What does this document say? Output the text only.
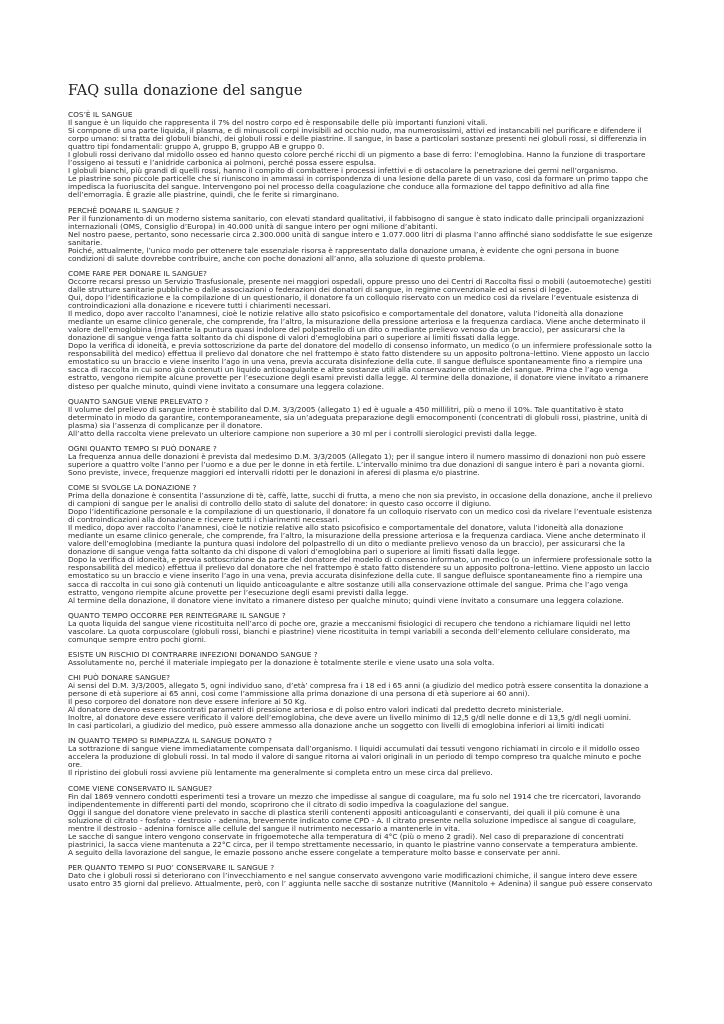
FAQ sulla donazione del sangue

COS’È IL SANGUE

Il sangue è un liquido che rappresenta il 7% del nostro corpo ed è responsabile delle più importanti funzioni vitali.

Si compone di una parte liquida, il plasma, e di minuscoli corpi invisibili ad occhio nudo, ma numerosissimi, attivi ed instancabili nel purificare e difendere il corpo umano: si tratta dei globuli bianchi, dei globuli rossi e delle piastrine. Il sangue, in base a particolari sostanze presenti nei globuli rossi, si differenzia in quattro tipi fondamentali: gruppo A, gruppo B, gruppo AB e gruppo 0.

I globuli rossi derivano dal midollo osseo ed hanno questo colore perché ricchi di un pigmento a base di ferro: l’emoglobina. Hanno la funzione di trasportare l’ossigeno ai tessuti e l’anidride carbonica ai polmoni, perché possa essere espulsa.

I globuli bianchi, più grandi di quelli rossi, hanno il compito di combattere i processi infettivi e di ostacolare la penetrazione dei germi nell’organismo.

Le piastrine sono piccole particelle che si riuniscono in ammassi in corrispondenza di una lesione della parete di un vaso, così da formare un primo tappo che impedisca la fuoriuscita del sangue. Intervengono poi nel processo della coagulazione che conduce alla formazione del tappo definitivo ad alla fine dell’emorragia. È grazie alle piastrine, quindi, che le ferite si rimarginano.

PERCHÈ DONARE IL SANGUE ?

Per il funzionamento di un moderno sistema sanitario, con elevati standard qualitativi, il fabbisogno di sangue è stato indicato dalle principali organizzazioni internazionali (OMS, Consiglio d’Europa) in 40.000 unità di sangue intero per ogni milione d’abitanti.

Nel nostro paese, pertanto, sono necessarie circa 2.300.000 unità di sangue intero e 1.077.000 litri di plasma l’anno affinché siano soddisfatte le sue esigenze sanitarie.

Poiché, attualmente, l’unico modo per ottenere tale essenziale risorsa è rappresentato dalla donazione umana, è evidente che ogni persona in buone condizioni di salute dovrebbe contribuire, anche con poche donazioni all’anno, alla soluzione di questo problema.

COME FARE PER DONARE IL SANGUE?

Occorre recarsi presso un Servizio Trasfusionale, presente nei maggiori ospedali, oppure presso uno dei Centri di Raccolta fissi o mobili (autoemoteche) gestiti dalle strutture sanitarie pubbliche o dalle associazioni o federazioni dei donatori di sangue, in regime convenzionale ed ai sensi di legge.

Qui, dopo l’identificazione e la compilazione di un questionario, il donatore fa un colloquio riservato con un medico così da rivelare l’eventuale esistenza di controindicazioni alla donazione e ricevere tutti i chiarimenti necessari.

Il medico, dopo aver raccolto l’anamnesi, cioè le notizie relative allo stato psicofisico e comportamentale del donatore, valuta l’idoneità alla donazione mediante un esame clinico generale, che comprende, fra l’altro, la misurazione della pressione arteriosa e la frequenza cardiaca. Viene anche determinato il valore dell’emoglobina (mediante la puntura quasi indolore del polpastrello di un dito o mediante prelievo venoso da un braccio), per assicurarsi che la donazione di sangue venga fatta soltanto da chi dispone di valori d’emoglobina pari o superiore ai limiti fissati dalla legge.

Dopo la verifica di idoneità, e previa sottoscrizione da parte del donatore del modello di consenso informato, un medico (o un infermiere professionale sotto la responsabilità del medico) effettua il prelievo dal donatore che nel frattempo è stato fatto distendere su un apposito poltrona–lettino. Viene apposto un laccio emostatico su un braccio e viene inserito l’ago in una vena, previa accurata disinfezione della cute. Il sangue defluisce spontaneamente fino a riempire una sacca di raccolta in cui sono già contenuti un liquido anticoagulante e altre sostanze utili alla conservazione ottimale del sangue. Prima che l’ago venga estratto, vengono riempite alcune provette per l’esecuzione degli esami previsti dalla legge. Al termine della donazione, il donatore viene invitato a rimanere disteso per qualche minuto, quindi viene invitato a consumare una leggera colazione.

QUANTO SANGUE VIENE PRELEVATO ?

Il volume del prelievo di sangue intero è stabilito dal D.M. 3/3/2005 (allegato 1) ed è uguale a 450 millilitri, più o meno il 10%. Tale quantitativo è stato determinato in modo da garantire, contemporaneamente, sia un’adeguata preparazione degli emocomponenti (concentrati di globuli rossi, piastrine, unità di plasma) sia l’assenza di complicanze per il donatore.

All’atto della raccolta viene prelevato un ulteriore campione non superiore a 30 ml per i controlli sierologici previsti dalla legge.

OGNI QUANTO TEMPO SI PUÒ DONARE ?

La frequenza annua delle donazioni è prevista dal medesimo D.M. 3/3/2005 (Allegato 1); per il sangue intero il numero massimo di donazioni non può essere superiore a quattro volte l’anno per l’uomo e a due per le donne in età fertile. L’intervallo minimo tra due donazioni di sangue intero è pari a novanta giorni. Sono previste, invece, frequenze maggiori ed intervalli ridotti per le donazioni in aferesi di plasma e/o piastrine.

COME SI SVOLGE LA DONAZIONE ?

Prima della donazione è consentita l’assunzione di tè, caffè, latte, succhi di frutta, a meno che non sia previsto, in occasione della donazione, anche il prelievo di campioni di sangue per le analisi di controllo dello stato di salute del donatore: in questo caso occorre il digiuno.

Dopo l’identificazione personale e la compilazione di un questionario, il donatore fa un colloquio riservato con un medico così da rivelare l’eventuale esistenza di controindicazioni alla donazione e ricevere tutti i chiarimenti necessari.

Il medico, dopo aver raccolto l’anamnesi, cioè le notizie relative allo stato psicofisico e comportamentale del donatore, valuta l’idoneità alla donazione mediante un esame clinico generale, che comprende, fra l’altro, la misurazione della pressione arteriosa e la frequenza cardiaca. Viene anche determinato il valore dell’emoglobina (mediante la puntura quasi indolore del polpastrello di un dito o mediante prelievo venoso da un braccio), per assicurarsi che la donazione di sangue venga fatta soltanto da chi dispone di valori d’emoglobina pari o superiore ai limiti fissati dalla legge.

Dopo la verifica di idoneità, e previa sottoscrizione da parte del donatore del modello di consenso informato, un medico (o un infermiere professionale sotto la responsabilità del medico) effettua il prelievo dal donatore che nel frattempo è stato fatto distendere su un apposito poltrona–lettino. Viene apposto un laccio emostatico su un braccio e viene inserito l’ago in una vena, previa accurata disinfezione della cute. Il sangue defluisce spontaneamente fino a riempire una sacca di raccolta in cui sono già contenuti un liquido anticoagulante e altre sostanze utili alla conservazione ottimale del sangue. Prima che l’ago venga estratto, vengono riempite alcune provette per l’esecuzione degli esami previsti dalla legge.

Al termine della donazione, il donatore viene invitato a rimanere disteso per qualche minuto; quindi viene invitato a consumare una leggera colazione.

QUANTO TEMPO OCCORRE PER REINTEGRARE IL SANGUE ?

La quota liquida del sangue viene ricostituita nell’arco di poche ore, grazie a meccanismi fisiologici di recupero che tendono a richiamare liquidi nel letto vascolare. La quota corpuscolare (globuli rossi, bianchi e piastrine) viene ricostituita in tempi variabili a seconda dell’elemento cellulare considerato, ma comunque sempre entro pochi giorni.

ESISTE UN RISCHIO DI CONTRARRE INFEZIONI DONANDO SANGUE ?

Assolutamente no, perché il materiale impiegato per la donazione è totalmente sterile e viene usato una sola volta.

CHI PUÒ DONARE SANGUE?

Ai sensi del D.M. 3/3/2005, allegato 5, ogni individuo sano, d’età’ compresa fra i 18 ed i 65 anni (a giudizio del medico potrà essere consentita la donazione a persone di età superiore ai 65 anni, così come l’ammissione alla prima donazione di una persona di età superiore ai 60 anni).

Il peso corporeo del donatore non deve essere inferiore ai 50 Kg.

Al donatore devono essere riscontrati parametri di pressione arteriosa e di polso entro valori indicati dal predetto decreto ministeriale.

Inoltre, al donatore deve essere verificato il valore dell’emoglobina, che deve avere un livello minimo di 12,5 g/dl nelle donne e di 13,5 g/dl negli uomini.

In casi particolari, a giudizio del medico, può essere ammesso alla donazione anche un soggetto con livelli di emoglobina inferiori ai limiti indicati

IN QUANTO TEMPO SI RIMPIAZZA IL SANGUE DONATO ?

La sottrazione di sangue viene immediatamente compensata dall’organismo. I liquidi accumulati dai tessuti vengono richiamati in circolo e il midollo osseo accelera la produzione di globuli rossi. In tal modo il valore di sangue ritorna ai valori originali in un periodo di tempo compreso tra qualche minuto e poche ore.

Il ripristino dei globuli rossi avviene più lentamente ma generalmente si completa entro un mese circa dal prelievo.

COME VIENE CONSERVATO IL SANGUE?

Fin dal 1869 vennero condotti esperimenti tesi a trovare un mezzo che impedisse al sangue di coagulare, ma fu solo nel 1914 che tre ricercatori, lavorando indipendentemente in differenti parti del mondo, scoprirono che il citrato di sodio impediva la coagulazione del sangue.

Oggi il sangue del donatore viene prelevato in sacche di plastica sterili contenenti appositi anticoagulanti e conservanti, dei quali il più comune è una soluzione di citrato - fosfato - destrosio - adenina, brevemente indicato come CPD - A. Il citrato presente nella soluzione impedisce al sangue di coagulare, mentre il destrosio - adenina fornisce alle cellule del sangue il nutrimento necessario a mantenerle in vita.

Le sacche di sangue intero vengono conservate in frigoemoteche alla temperatura di 4°C (più o meno 2 gradi). Nel caso di preparazione di concentrati piastrinici, la sacca viene mantenuta a 22°C circa, per il tempo strettamente necessario, in quanto le piastrine vanno conservate a temperatura ambiente.

A seguito della lavorazione del sangue, le emazie possono anche essere congelate a temperature molto basse e conservate per anni.

PER QUANTO TEMPO SI PUO’ CONSERVARE IL SANGUE ?

Dato che i globuli rossi si deteriorano con l’invecchiamento e nel sangue conservato avvengono varie modificazioni chimiche, il sangue intero deve essere usato entro 35 giorni dal prelievo. Attualmente, però, con l’ aggiunta nelle sacche di sostanze nutritive (Mannitolo + Adenina) il sangue può essere conservato
